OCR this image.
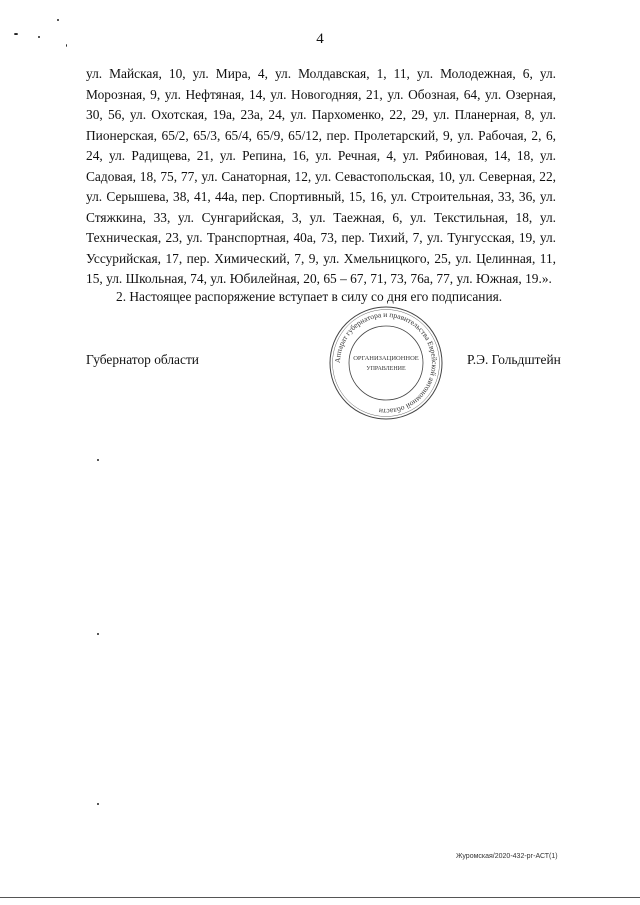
4

ул. Майская, 10, ул. Мира, 4, ул. Молдавская, 1, 11, ул. Молодежная, 6, ул. Морозная, 9, ул. Нефтяная, 14, ул. Новогодняя, 21, ул. Обозная, 64, ул. Озерная, 30, 56, ул. Охотская, 19а, 23а, 24, ул. Пархоменко, 22, 29, ул. Планерная, 8, ул. Пионерская, 65/2, 65/3, 65/4, 65/9, 65/12, пер. Пролетарский, 9, ул. Рабочая, 2, 6, 24, ул. Радищева, 21, ул. Репина, 16, ул. Речная, 4, ул. Рябиновая, 14, 18, ул. Садовая, 18, 75, 77, ул. Санаторная, 12, ул. Севастопольская, 10, ул. Северная, 22, ул. Серышева, 38, 41, 44а, пер. Спортивный, 15, 16, ул. Строительная, 33, 36, ул. Стяжкина, 33, ул. Сунгарийская, 3, ул. Таежная, 6, ул. Текстильная, 18, ул. Техническая, 23, ул. Транспортная, 40а, 73, пер. Тихий, 7, ул. Тунгусская, 19, ул. Уссурийская, 17, пер. Химический, 7, 9, ул. Хмельницкого, 25, ул. Целинная, 11, 15, ул. Школьная, 74, ул. Юбилейная, 20, 65 – 67, 71, 73, 76а, 77, ул. Южная, 19.».

2. Настоящее распоряжение вступает в силу со дня его подписания.

Губернатор области	Аппарат губернатора и правительства Еврейской автономной области
ОРГАНИЗАЦИОННОЕ
УПРАВЛЕНИЕ

Р.Э. Гольдштейн

Журомская/2020-432-рг-АСТ(1)
